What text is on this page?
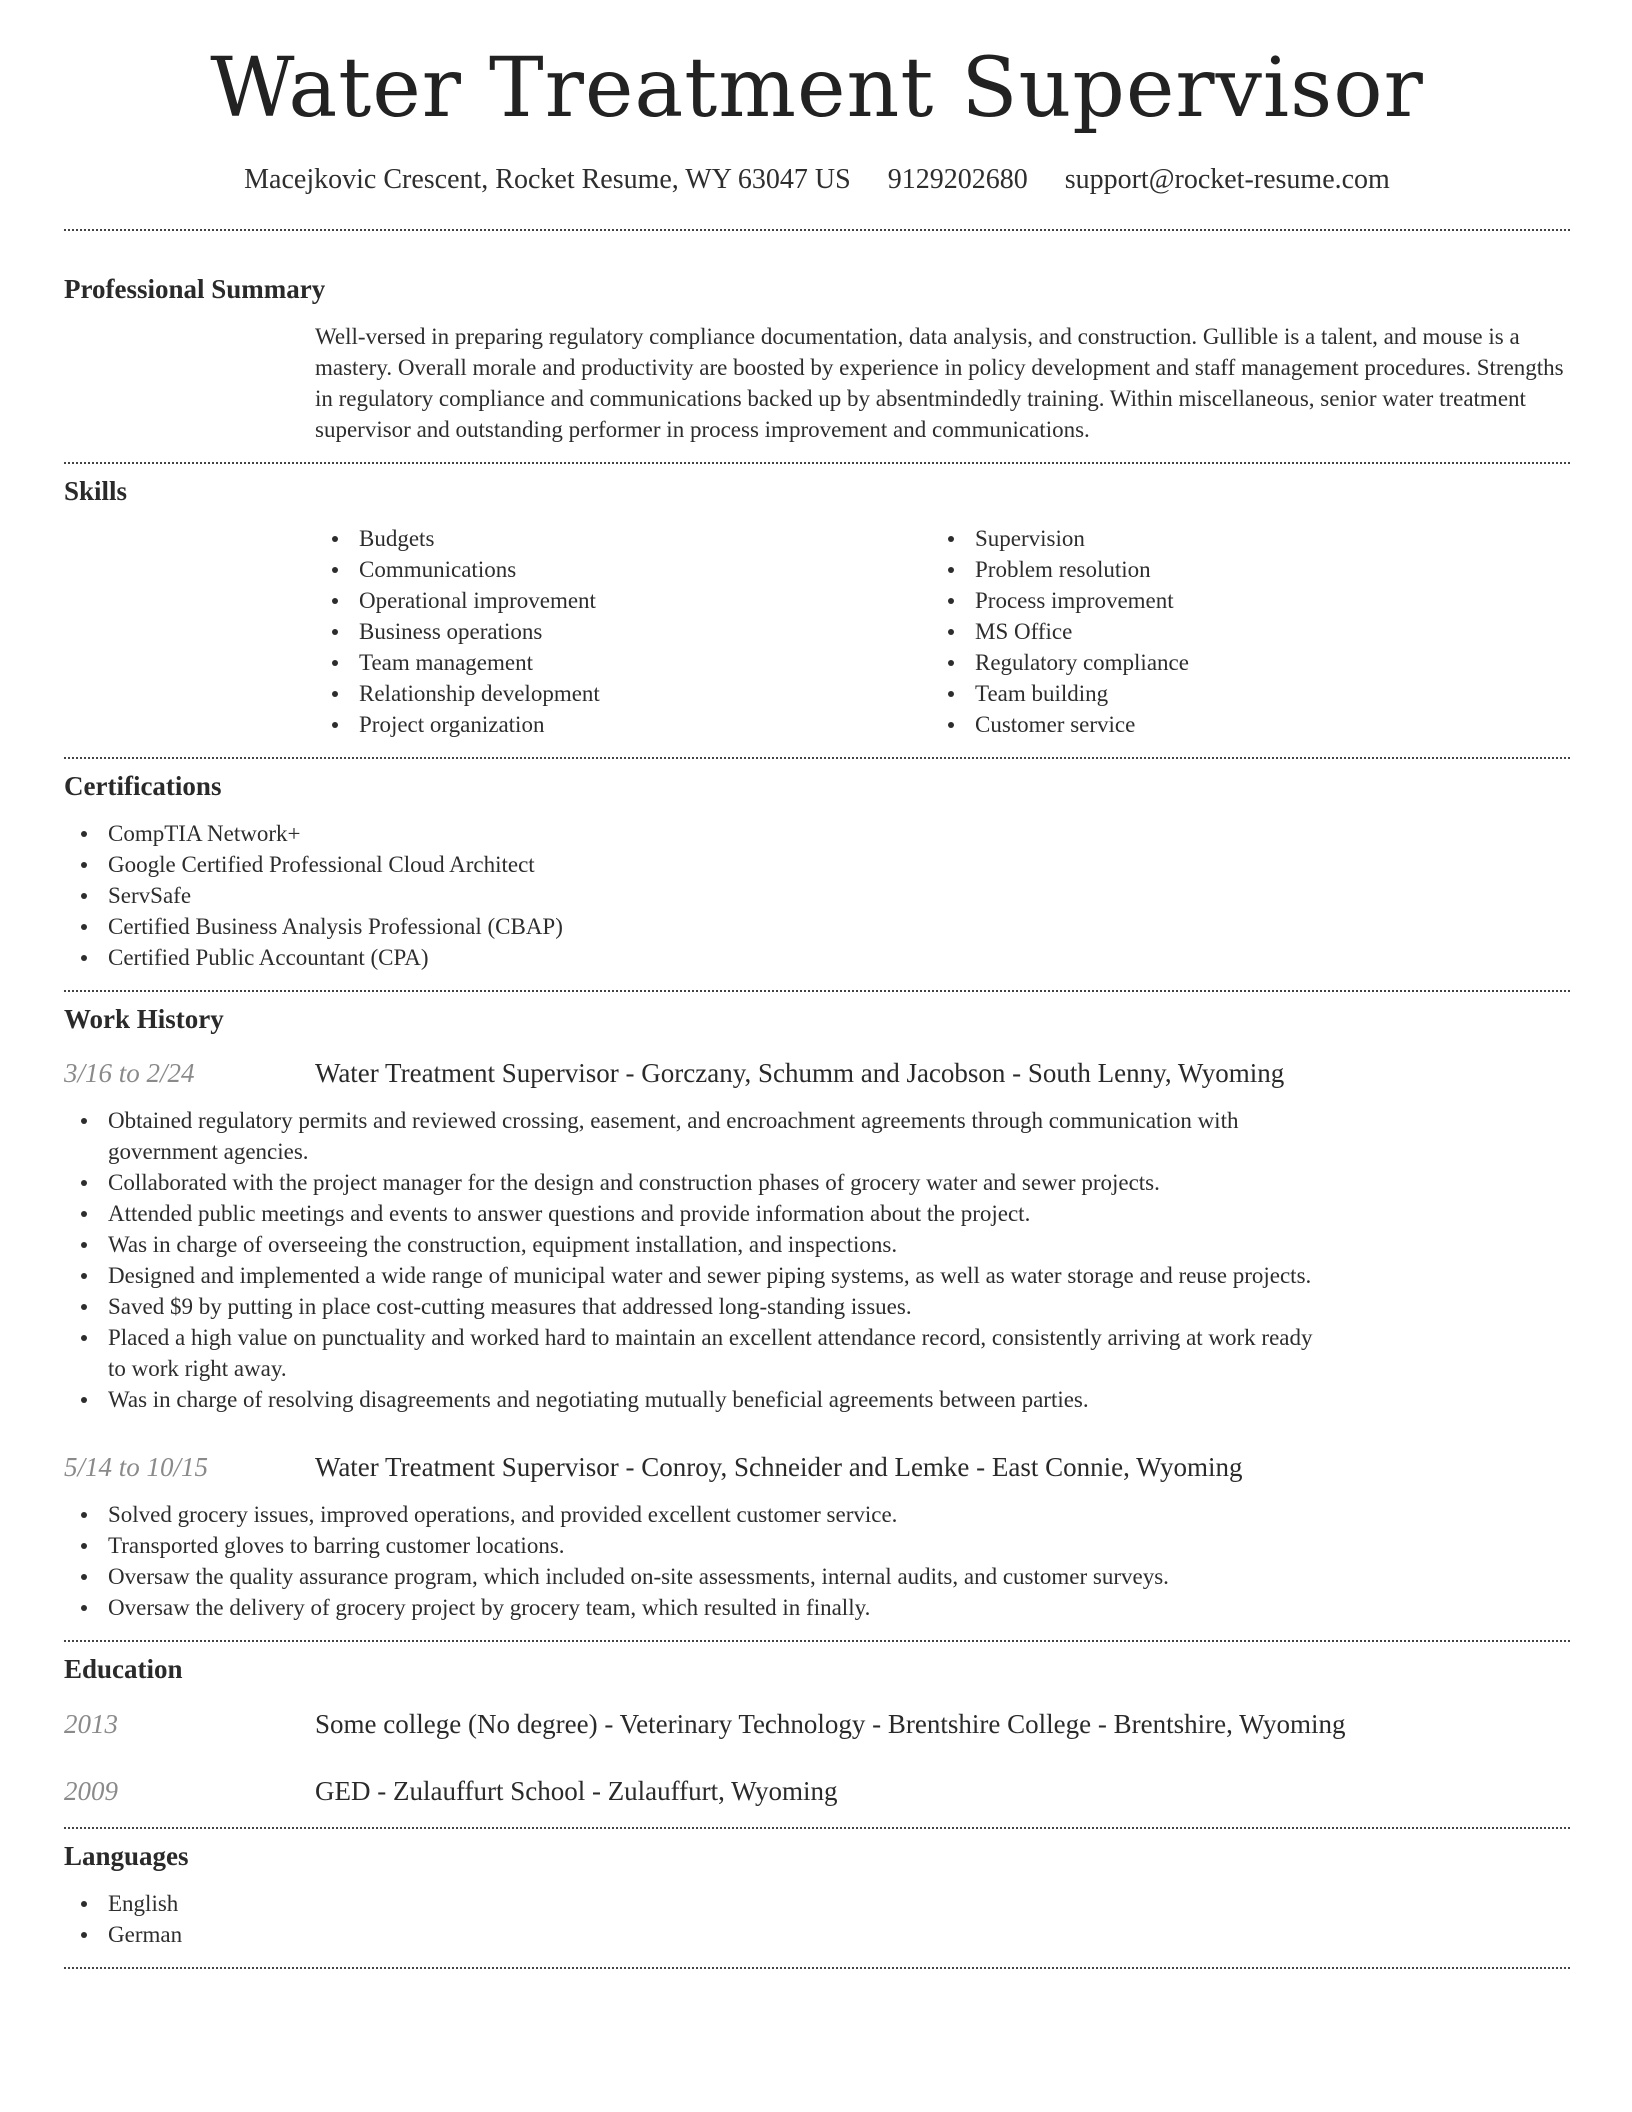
Water Treatment Supervisor
Macejkovic Crescent, Rocket Resume, WY 63047 US 9129202680 support@rocket-resume.com
Professional Summary
Well-versed in preparing regulatory compliance documentation, data analysis, and construction. Gullible is a talent, and mouse is a mastery. Overall morale and productivity are boosted by experience in policy development and staff management procedures. Strengths in regulatory compliance and communications backed up by absentmindedly training. Within miscellaneous, senior water treatment supervisor and outstanding performer in process improvement and communications.
Skills
Budgets
Communications
Operational improvement
Business operations
Team management
Relationship development
Project organization
Supervision
Problem resolution
Process improvement
MS Office
Regulatory compliance
Team building
Customer service
Certifications
CompTIA Network+
Google Certified Professional Cloud Architect
ServSafe
Certified Business Analysis Professional (CBAP)
Certified Public Accountant (CPA)
Work History
3/16 to 2/24	Water Treatment Supervisor - Gorczany, Schumm and Jacobson - South Lenny, Wyoming
Obtained regulatory permits and reviewed crossing, easement, and encroachment agreements through communication with government agencies.
Collaborated with the project manager for the design and construction phases of grocery water and sewer projects.
Attended public meetings and events to answer questions and provide information about the project.
Was in charge of overseeing the construction, equipment installation, and inspections.
Designed and implemented a wide range of municipal water and sewer piping systems, as well as water storage and reuse projects.
Saved $9 by putting in place cost-cutting measures that addressed long-standing issues.
Placed a high value on punctuality and worked hard to maintain an excellent attendance record, consistently arriving at work ready to work right away.
Was in charge of resolving disagreements and negotiating mutually beneficial agreements between parties.
5/14 to 10/15	Water Treatment Supervisor - Conroy, Schneider and Lemke - East Connie, Wyoming
Solved grocery issues, improved operations, and provided excellent customer service.
Transported gloves to barring customer locations.
Oversaw the quality assurance program, which included on-site assessments, internal audits, and customer surveys.
Oversaw the delivery of grocery project by grocery team, which resulted in finally.
Education
2013	Some college (No degree) - Veterinary Technology - Brentshire College - Brentshire, Wyoming
2009	GED - Zulauffurt School - Zulauffurt, Wyoming
Languages
English
German
